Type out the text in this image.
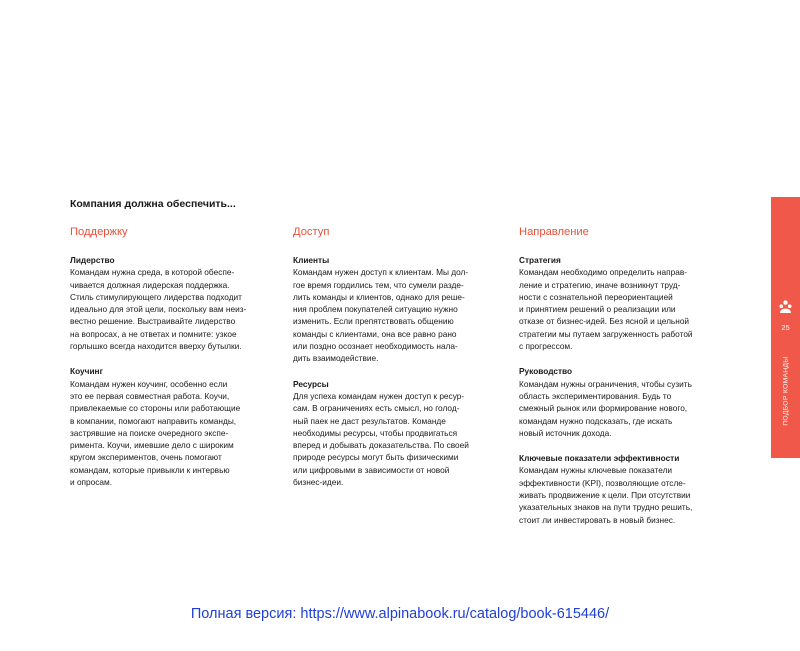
Компания должна обеспечить...
Поддержку
Лидерство
Командам нужна среда, в которой обеспе-
чивается должная лидерская поддержка.
Стиль стимулирующего лидерства подходит
идеально для этой цели, поскольку вам неиз-
вестно решение. Выстраивайте лидерство
на вопросах, а не ответах и помните: узкое
горлышко всегда находится вверху бутылки.
Коучинг
Командам нужен коучинг, особенно если
это ее первая совместная работа. Коучи,
привлекаемые со стороны или работающие
в компании, помогают направить команды,
застрявшие на поиске очередного экспе-
римента. Коучи, имевшие дело с широким
кругом экспериментов, очень помогают
командам, которые привыкли к интервью
и опросам.
Доступ
Клиенты
Командам нужен доступ к клиентам. Мы дол-
гое время гордились тем, что сумели разде-
лить команды и клиентов, однако для реше-
ния проблем покупателей ситуацию нужно
изменить. Если препятствовать общению
команды с клиентами, она все равно рано
или поздно осознает необходимость нала-
дить взаимодействие.
Ресурсы
Для успеха командам нужен доступ к ресур-
сам. В ограничениях есть смысл, но голод-
ный паек не даст результатов. Команде
необходимы ресурсы, чтобы продвигаться
вперед и добывать доказательства. По своей
природе ресурсы могут быть физическими
или цифровыми в зависимости от новой
бизнес-идеи.
Направление
Стратегия
Командам необходимо определить направ-
ление и стратегию, иначе возникнут труд-
ности с сознательной переориентацией
и принятием решений о реализации или
отказе от бизнес-идей. Без ясной и цельной
стратегии мы путаем загруженность работой
с прогрессом.
Руководство
Командам нужны ограничения, чтобы сузить
область экспериментирования. Будь то
смежный рынок или формирование нового,
командам нужно подсказать, где искать
новый источник дохода.
Ключевые показатели эффективности
Командам нужны ключевые показатели
эффективности (KPI), позволяющие отсле-
живать продвижение к цели. При отсутствии
указательных знаков на пути трудно решить,
стоит ли инвестировать в новый бизнес.
25
ПОДБОР КОМАНДЫ
Полная версия: https://www.alpinabook.ru/catalog/book-615446/
